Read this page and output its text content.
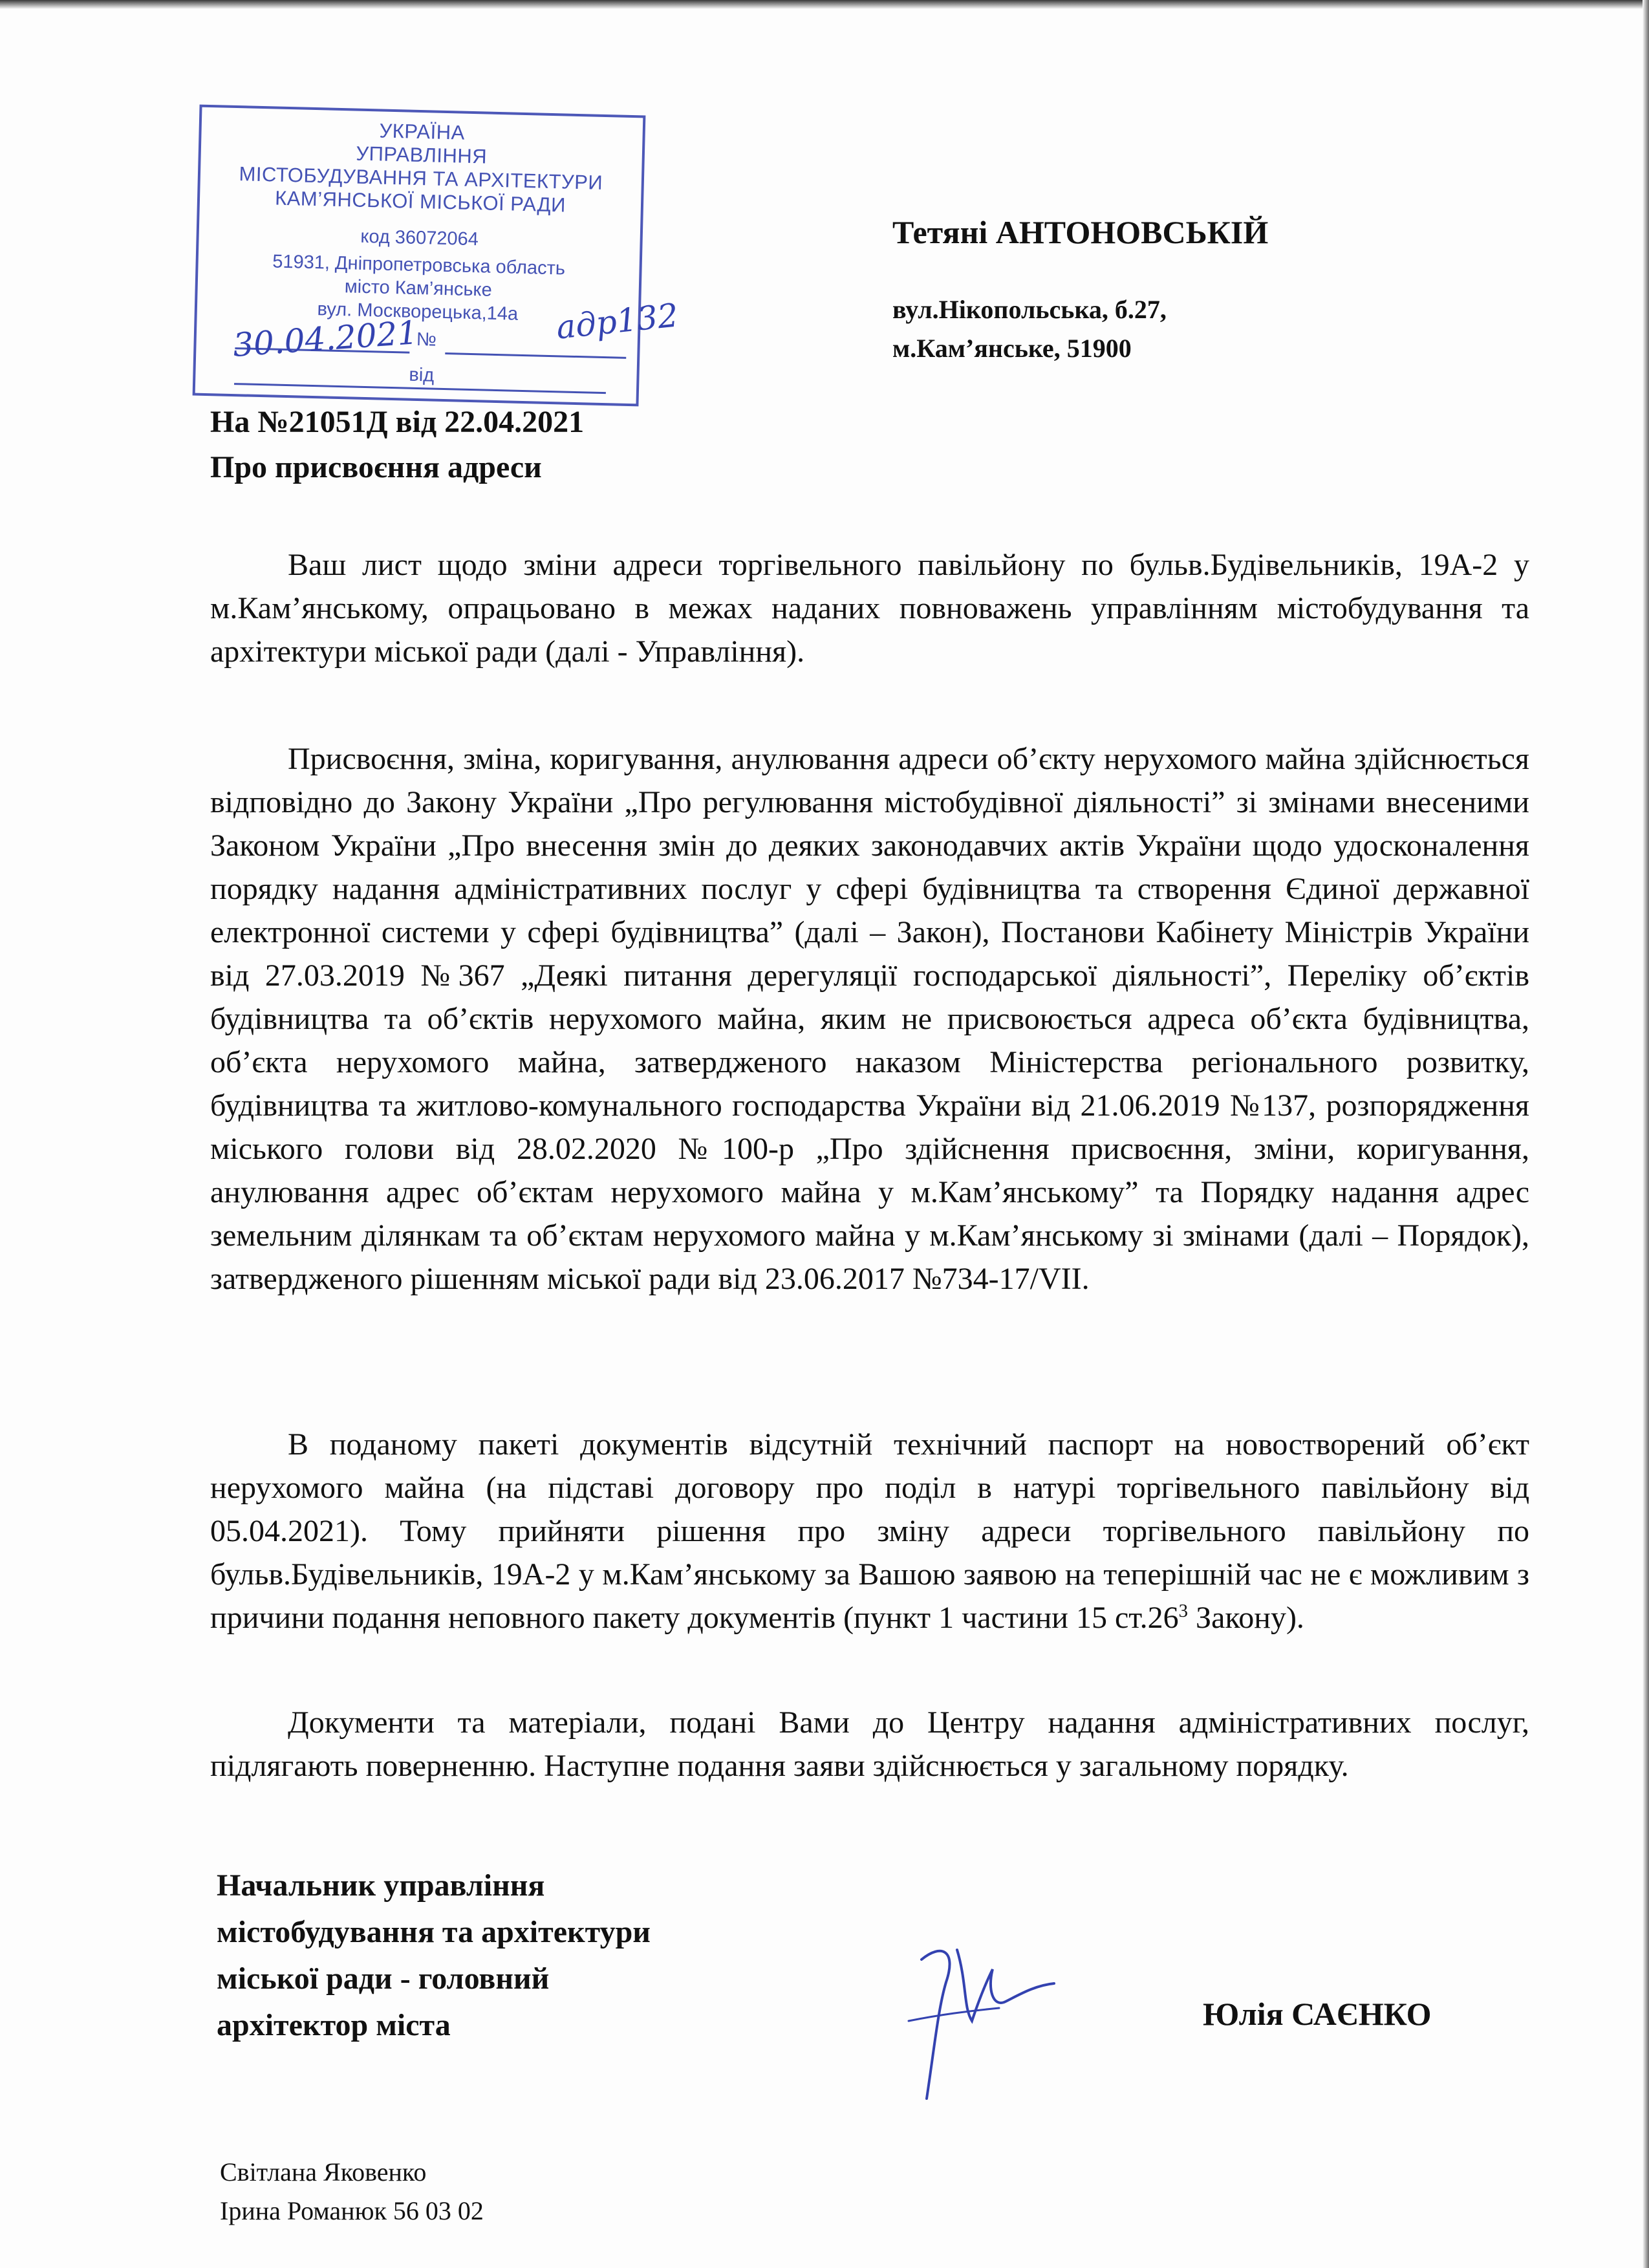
УКРАЇНА
УПРАВЛІННЯ
МІСТОБУДУВАННЯ ТА АРХІТЕКТУРИ
КАМ’ЯНСЬКОЇ МІСЬКОЇ РАДИ
код 36072064
51931, Дніпропетровська область
місто Кам’янське
вул. Москворецька,14а
№
від
30.04.2021	адр132
Тетяні АНТОНОВСЬКІЙ
вул.Нікопольська, б.27,
м.Кам’янське, 51900
На №21051Д від 22.04.2021
Про присвоєння адреси

Ваш лист щодо зміни адреси торгівельного павільйону по бульв.Будівельників, 19А-2 у м.Кам’янському, опрацьовано в межах наданих повноважень управлінням містобудування та архітектури міської ради (далі - Управління).

Присвоєння, зміна, коригування, анулювання адреси об’єкту нерухомого майна здійснюється відповідно до Закону України „Про регулювання містобудівної діяльності” зі змінами внесеними Законом України „Про внесення змін до деяких законодавчих актів України щодо удосконалення порядку надання адміністративних послуг у сфері будівництва та створення Єдиної державної електронної системи у сфері будівництва” (далі – Закон), Постанови Кабінету Міністрів України від 27.03.2019 №367 „Деякі питання дерегуляції господарської діяльності”, Переліку об’єктів будівництва та об’єктів нерухомого майна, яким не присвоюється адреса об’єкта будівництва, об’єкта нерухомого майна, затвердженого наказом Міністерства регіонального розвитку, будівництва та житлово-комунального господарства України від 21.06.2019 №137, розпорядження міського голови від 28.02.2020 №100-р „Про здійснення присвоєння, зміни, коригування, анулювання адрес об’єктам нерухомого майна у м.Кам’янському” та Порядку надання адрес земельним ділянкам та об’єктам нерухомого майна у м.Кам’янському зі змінами (далі – Порядок), затвердженого рішенням міської ради від 23.06.2017 №734-17/VII.

В поданому пакеті документів відсутній технічний паспорт на новостворений об’єкт нерухомого майна (на підставі договору про поділ в натурі торгівельного павільйону від 05.04.2021). Тому прийняти рішення про зміну адреси торгівельного павільйону по бульв.Будівельників, 19А-2 у м.Кам’янському за Вашою заявою на теперішній час не є можливим з причини подання неповного пакету документів (пункт 1 частини 15 $ст.26^3$ Закону).

Документи та матеріали, подані Вами до Центру надання адміністративних послуг, підлягають поверненню. Наступне подання заяви здійснюється у загальному порядку.

Начальник управління
містобудування та архітектури
міської ради - головний
архітектор міста	Юлія САЄНКО
Світлана Яковенко
Ірина Романюк 56 03 02
